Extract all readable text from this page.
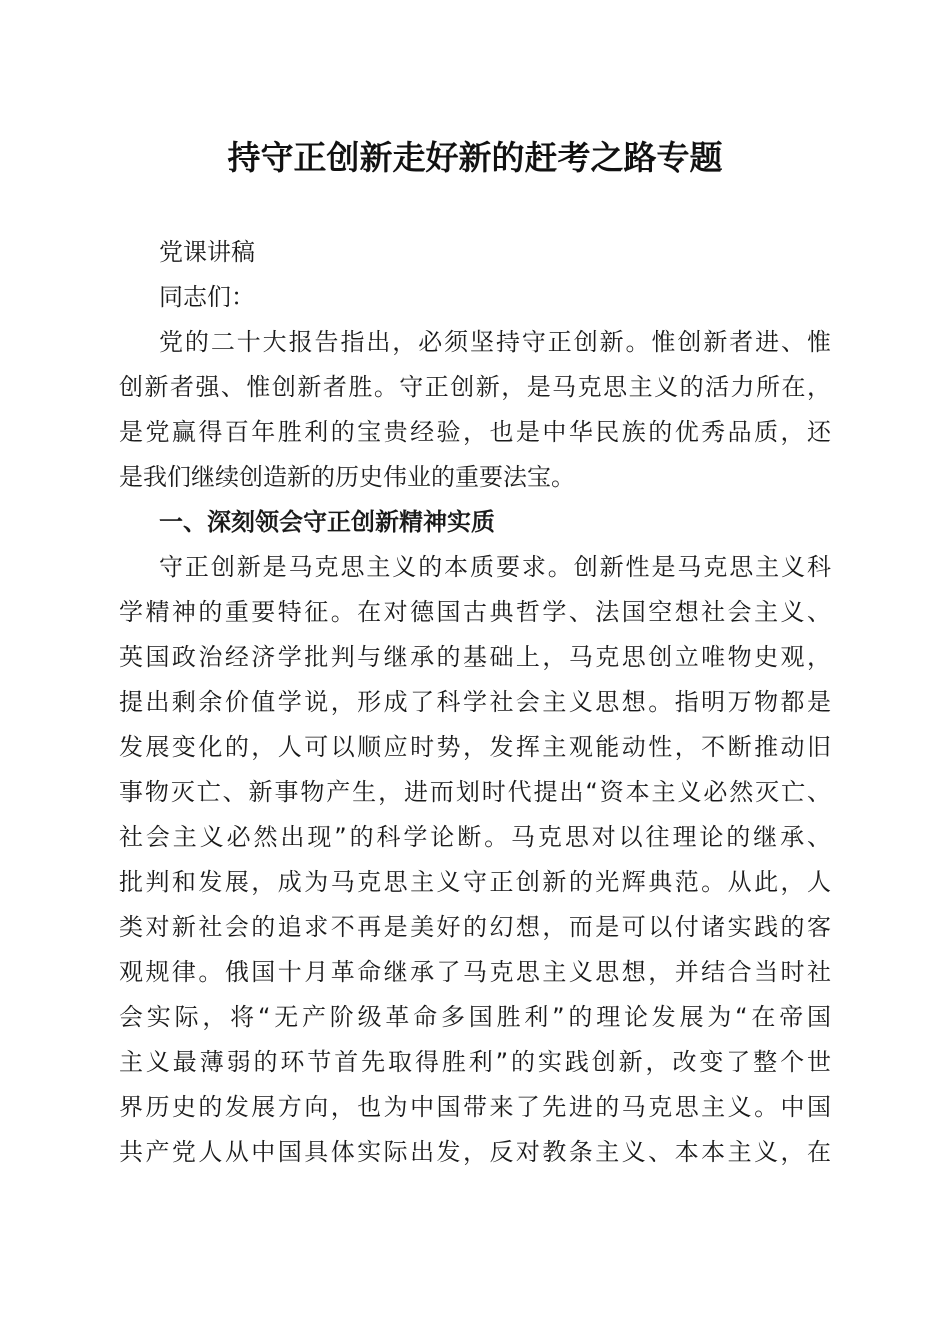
持守正创新走好新的赶考之路专题
党课讲稿
同志们：
党的二十大报告指出，必须坚持守正创新。惟创新者进、惟
创新者强、惟创新者胜。守正创新，是马克思主义的活力所在，
是党赢得百年胜利的宝贵经验，也是中华民族的优秀品质，还
是我们继续创造新的历史伟业的重要法宝。
一、深刻领会守正创新精神实质
守正创新是马克思主义的本质要求。创新性是马克思主义科
学精神的重要特征。在对德国古典哲学、法国空想社会主义、
英国政治经济学批判与继承的基础上，马克思创立唯物史观，
提出剩余价值学说，形成了科学社会主义思想。指明万物都是
发展变化的，人可以顺应时势，发挥主观能动性，不断推动旧
事物灭亡、新事物产生，进而划时代提出“资本主义必然灭亡、
社会主义必然出现”的科学论断。马克思对以往理论的继承、
批判和发展，成为马克思主义守正创新的光辉典范。从此，人
类对新社会的追求不再是美好的幻想，而是可以付诸实践的客
观规律。俄国十月革命继承了马克思主义思想，并结合当时社
会实际，将“无产阶级革命多国胜利”的理论发展为“在帝国
主义最薄弱的环节首先取得胜利”的实践创新，改变了整个世
界历史的发展方向，也为中国带来了先进的马克思主义。中国
共产党人从中国具体实际出发，反对教条主义、本本主义，在
